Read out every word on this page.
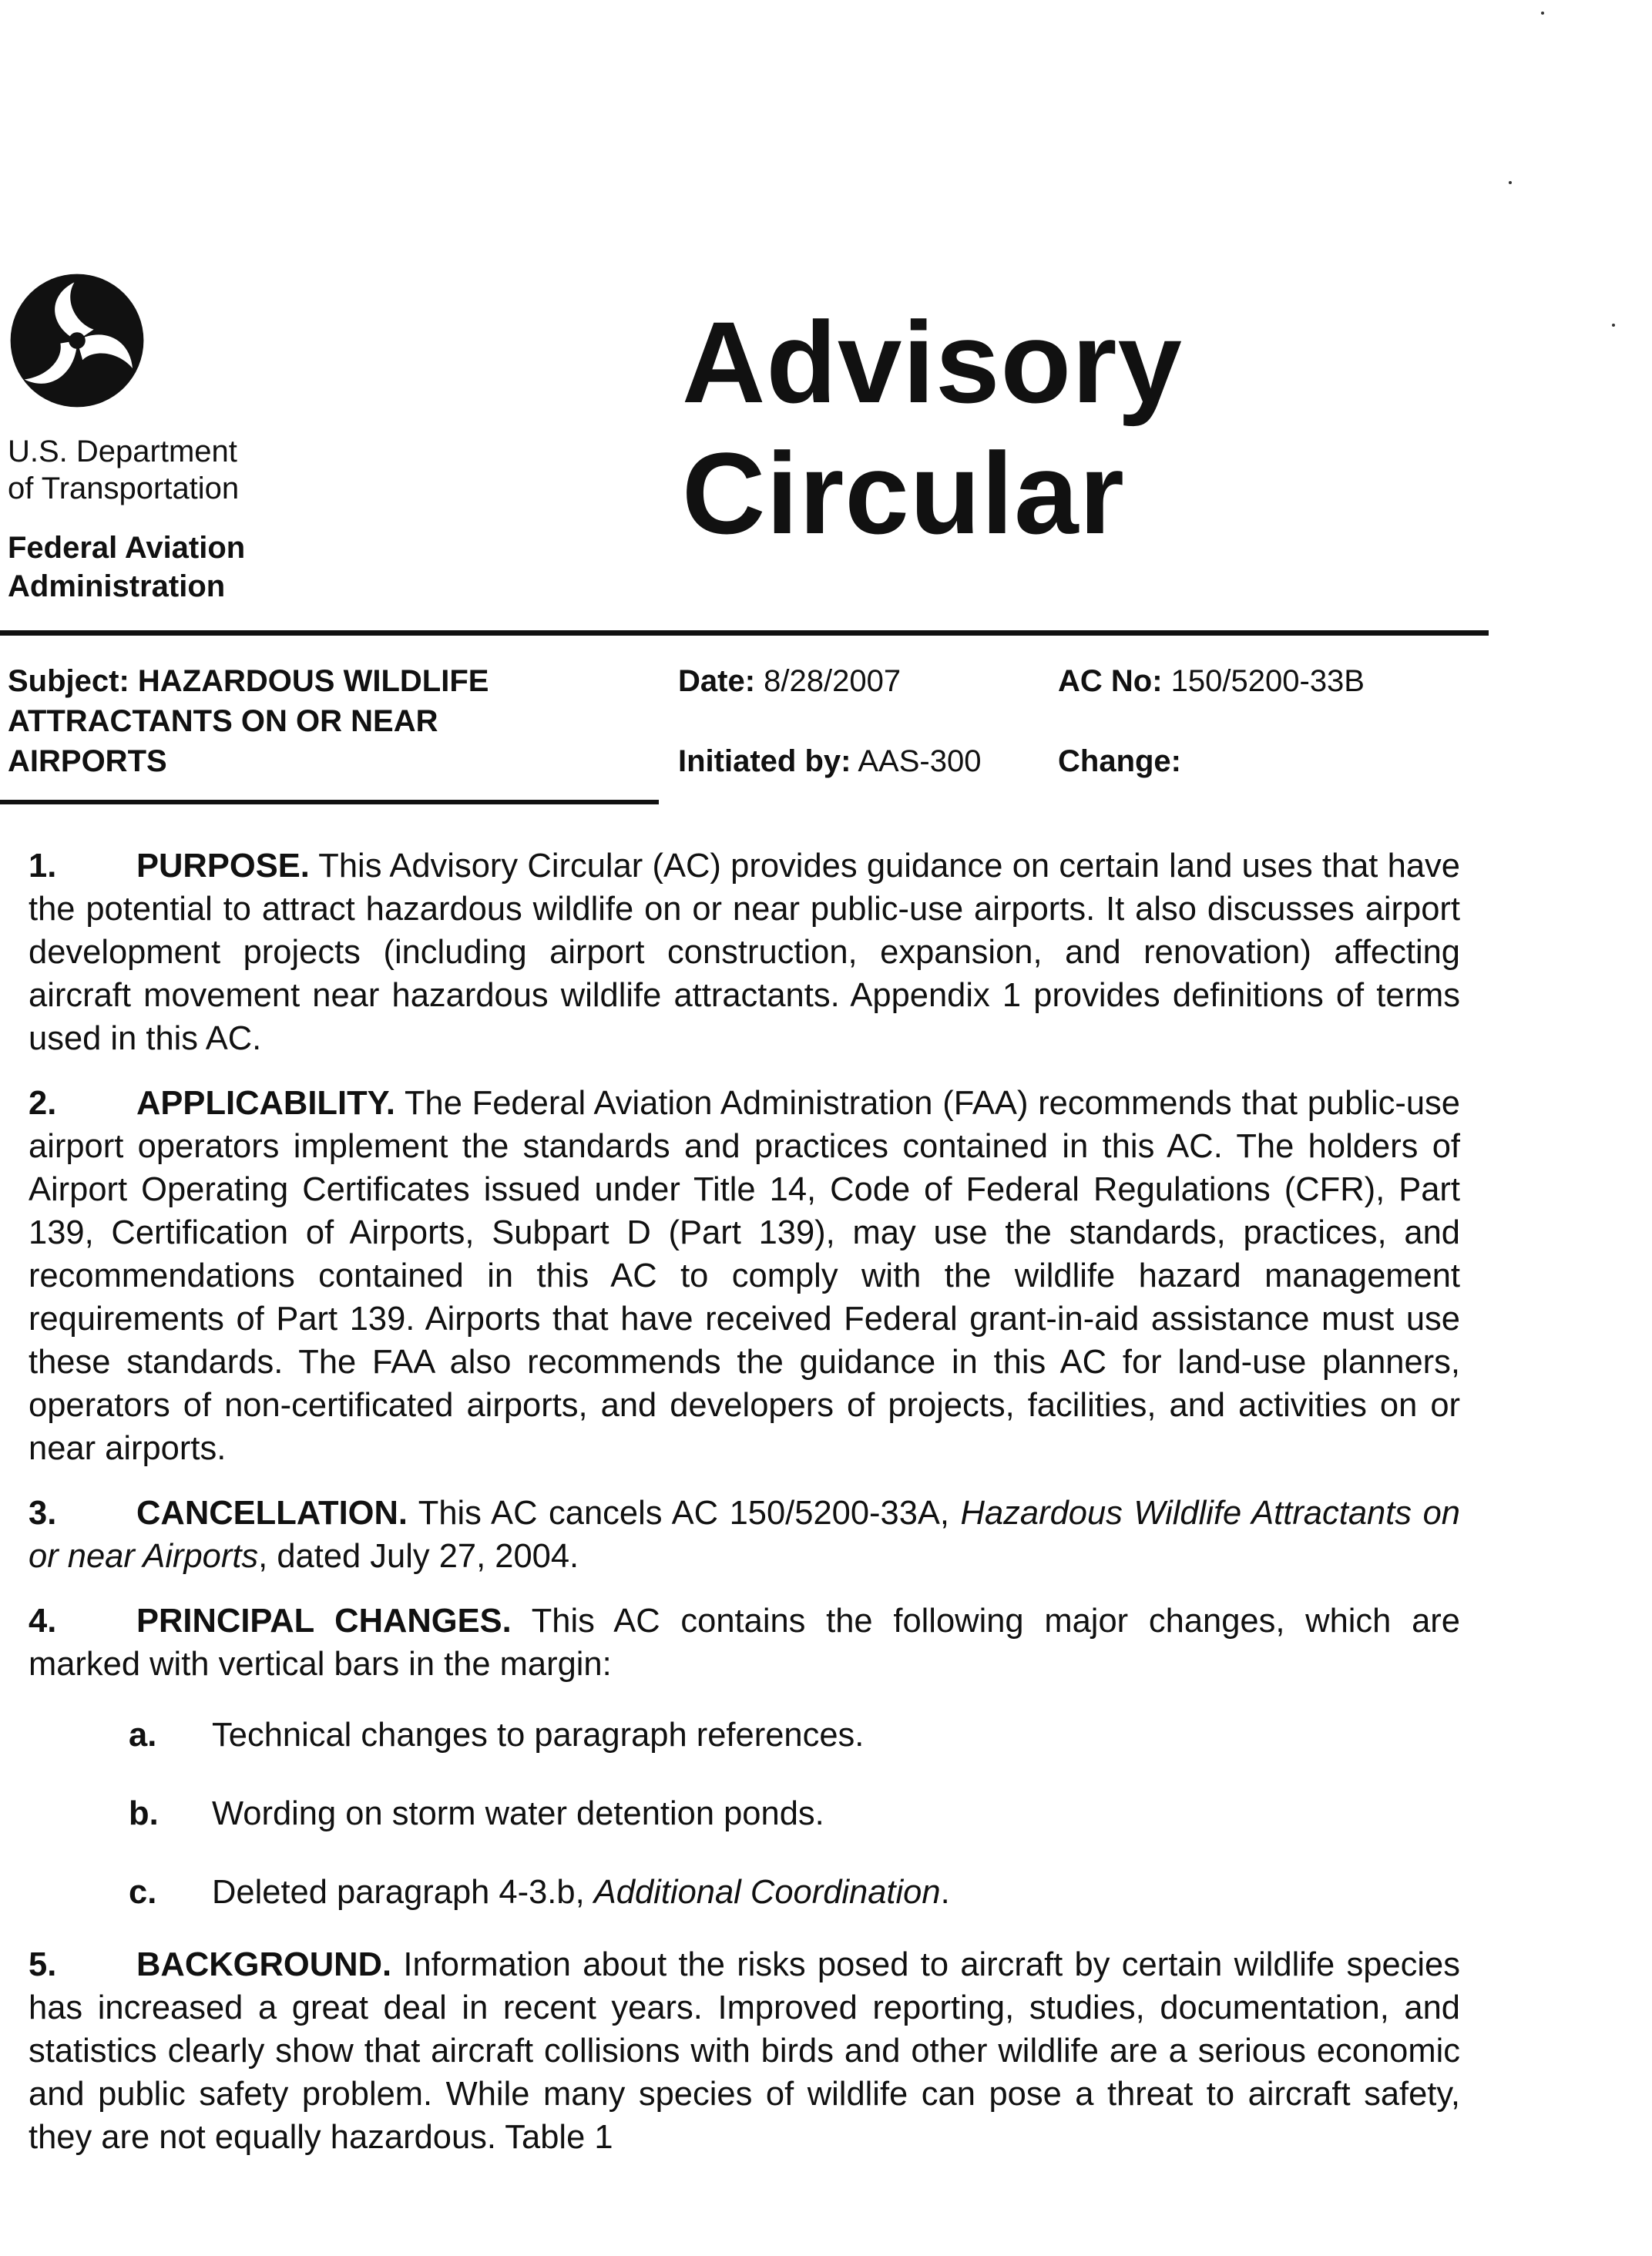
U.S. Department
of Transportation
Federal Aviation
Administration
Advisory
Circular
Subject: HAZARDOUS WILDLIFE
ATTRACTANTS ON OR NEAR
AIRPORTS
Date: 8/28/2007
Initiated by: AAS-300
AC No: 150/5200-33B
Change:

1. PURPOSE. This Advisory Circular (AC) provides guidance on certain land uses that have the potential to attract hazardous wildlife on or near public-use airports. It also discusses airport development projects (including airport construction, expansion, and renovation) affecting aircraft movement near hazardous wildlife attractants. Appendix 1 provides definitions of terms used in this AC.

2. APPLICABILITY. The Federal Aviation Administration (FAA) recommends that public-use airport operators implement the standards and practices contained in this AC. The holders of Airport Operating Certificates issued under Title 14, Code of Federal Regulations (CFR), Part 139, Certification of Airports, Subpart D (Part 139), may use the standards, practices, and recommendations contained in this AC to comply with the wildlife hazard management requirements of Part 139. Airports that have received Federal grant-in-aid assistance must use these standards. The FAA also recommends the guidance in this AC for land-use planners, operators of non-certificated airports, and developers of projects, facilities, and activities on or near airports.

3. CANCELLATION. This AC cancels AC 150/5200-33A, Hazardous Wildlife Attractants on or near Airports, dated July 27, 2004.

4. PRINCIPAL CHANGES. This AC contains the following major changes, which are marked with vertical bars in the margin:

a.	Technical changes to paragraph references.
b.	Wording on storm water detention ponds.
c.	Deleted paragraph 4-3.b, Additional Coordination.

5. BACKGROUND. Information about the risks posed to aircraft by certain wildlife species has increased a great deal in recent years. Improved reporting, studies, documentation, and statistics clearly show that aircraft collisions with birds and other wildlife are a serious economic and public safety problem. While many species of wildlife can pose a threat to aircraft safety, they are not equally hazardous. Table 1
